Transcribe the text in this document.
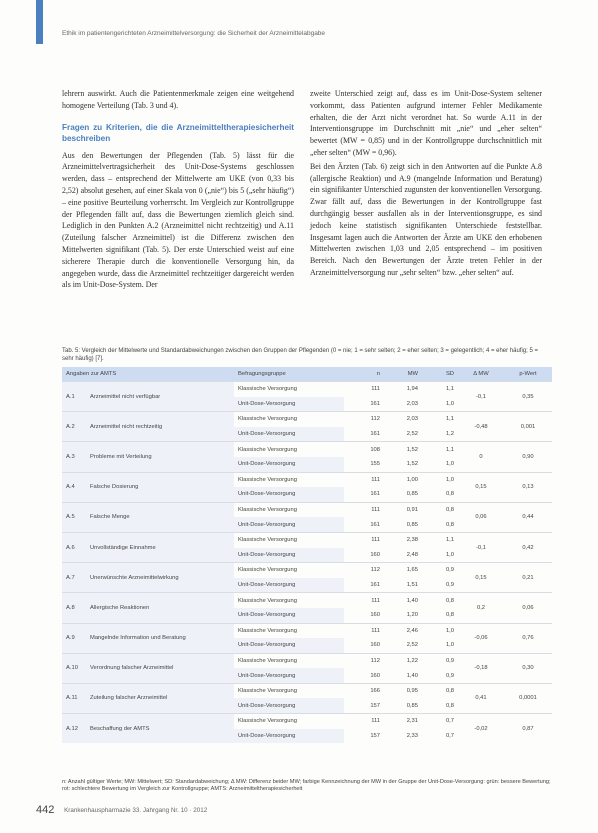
Ethik im patientengerichteten Arzneimittelversorgung: die Sicherheit der Arzneimittelabgabe

lehrern auswirkt. Auch die Patientenmerkmale zeigen eine weitgehend homogene Verteilung (Tab. 3 und 4).

Fragen zu Kriterien, die die Arzneimitteltherapiesicherheit beschreiben

Aus den Bewertungen der Pflegenden (Tab. 5) lässt für die Arzneimittelvertragsicherheit des Unit-Dose-Systems geschlossen werden, dass – entsprechend der Mittelwerte am UKE (von 0,33 bis 2,52) absolut gesehen, auf einer Skala von 0 („nie“) bis 5 („sehr häufig“) – eine positive Beurteilung vorherrscht. Im Vergleich zur Kontrollgruppe der Pflegenden fällt auf, dass die Bewertungen ziemlich gleich sind. Lediglich in den Punkten A.2 (Arzneimittel nicht rechtzeitig) und A.11 (Zuteilung falscher Arzneimittel) ist die Differenz zwischen den Mittelwerten signifikant (Tab. 5). Der erste Unterschied weist auf eine sicherere Therapie durch die konventionelle Versorgung hin, da angegeben wurde, dass die Arzneimittel rechtzeitiger dargereicht werden als im Unit-Dose-System. Der

zweite Unterschied zeigt auf, dass es im Unit-Dose-System seltener vorkommt, dass Patienten aufgrund interner Fehler Medikamente erhalten, die der Arzt nicht verordnet hat. So wurde A.11 in der Interventionsgruppe im Durchschnitt mit „nie“ und „eher selten“ bewertet (MW = 0,85) und in der Kontrollgruppe durchschnittlich mit „eher selten“ (MW = 0,96).

Bei den Ärzten (Tab. 6) zeigt sich in den Antworten auf die Punkte A.8 (allergische Reaktion) und A.9 (mangelnde Information und Beratung) ein signifikanter Unterschied zugunsten der konventionellen Versorgung. Zwar fällt auf, dass die Bewertungen in der Kontrollgruppe fast durchgängig besser ausfallen als in der Interventionsgruppe, es sind jedoch keine statistisch signifikanten Unterschiede feststellbar. Insgesamt lagen auch die Antworten der Ärzte am UKE den erhobenen Mittelwerten zwischen 1,03 und 2,05 entsprechend – im positiven Bereich. Nach den Bewertungen der Ärzte treten Fehler in der Arzneimittelversorgung nur „sehr selten“ bzw. „eher selten“ auf.

Tab. 5: Vergleich der Mittelwerte und Standardabweichungen zwischen den Gruppen der Pflegenden (0 = nie; 1 = sehr selten; 2 = eher selten; 3 = gelegentlich; 4 = eher häufig; 5 = sehr häufig) [7].
Angaben zur AMTS		Befragungsgruppe	n	MW	SD	Δ MW	p-Wert
A.1	Arzneimittel nicht verfügbar	Klassische Versorgung	111	1,94	1,1	-0,1	0,35
		Unit-Dose-Versorgung	161	2,03	1,0		
A.2	Arzneimittel nicht rechtzeitig	Klassische Versorgung	112	2,03	1,1	-0,48	0,001
		Unit-Dose-Versorgung	161	2,52	1,2		
A.3	Probleme mit Verteilung	Klassische Versorgung	108	1,52	1,1	0	0,90
		Unit-Dose-Versorgung	155	1,52	1,0		
A.4	Falsche Dosierung	Klassische Versorgung	111	1,00	1,0	0,15	0,13
		Unit-Dose-Versorgung	161	0,85	0,8		
A.5	Falsche Menge	Klassische Versorgung	111	0,91	0,8	0,06	0,44
		Unit-Dose-Versorgung	161	0,85	0,8		
A.6	Unvollständige Einnahme	Klassische Versorgung	111	2,38	1,1	-0,1	0,42
		Unit-Dose-Versorgung	160	2,48	1,0		
A.7	Unerwünschte Arzneimittelwirkung	Klassische Versorgung	112	1,65	0,9	0,15	0,21
		Unit-Dose-Versorgung	161	1,51	0,9		
A.8	Allergische Reaktionen	Klassische Versorgung	111	1,40	0,8	0,2	0,06
		Unit-Dose-Versorgung	160	1,20	0,8		
A.9	Mangelnde Information und Beratung	Klassische Versorgung	111	2,46	1,0	-0,06	0,76
		Unit-Dose-Versorgung	160	2,52	1,0		
A.10	Verordnung falscher Arzneimittel	Klassische Versorgung	112	1,22	0,9	-0,18	0,30
		Unit-Dose-Versorgung	160	1,40	0,9		
A.11	Zuteilung falscher Arzneimittel	Klassische Versorgung	166	0,95	0,8	0,41	0,0001
		Unit-Dose-Versorgung	157	0,85	0,8		
A.12	Beschaffung der AMTS	Klassische Versorgung	111	2,31	0,7	-0,02	0,87
		Unit-Dose-Versorgung	157	2,33	0,7		
n: Anzahl gültiger Werte; MW: Mittelwert; SD: Standardabweichung; Δ MW: Differenz beider MW; farbige Kennzeichnung der MW in der Gruppe der Unit-Dose-Versorgung: grün: bessere Bewertung; rot: schlechtere Bewertung im Vergleich zur Kontrollgruppe; AMTS: Arzneimitteltherapiesicherheit
442 Krankenhauspharmazie 33. Jahrgang Nr. 10 · 2012
